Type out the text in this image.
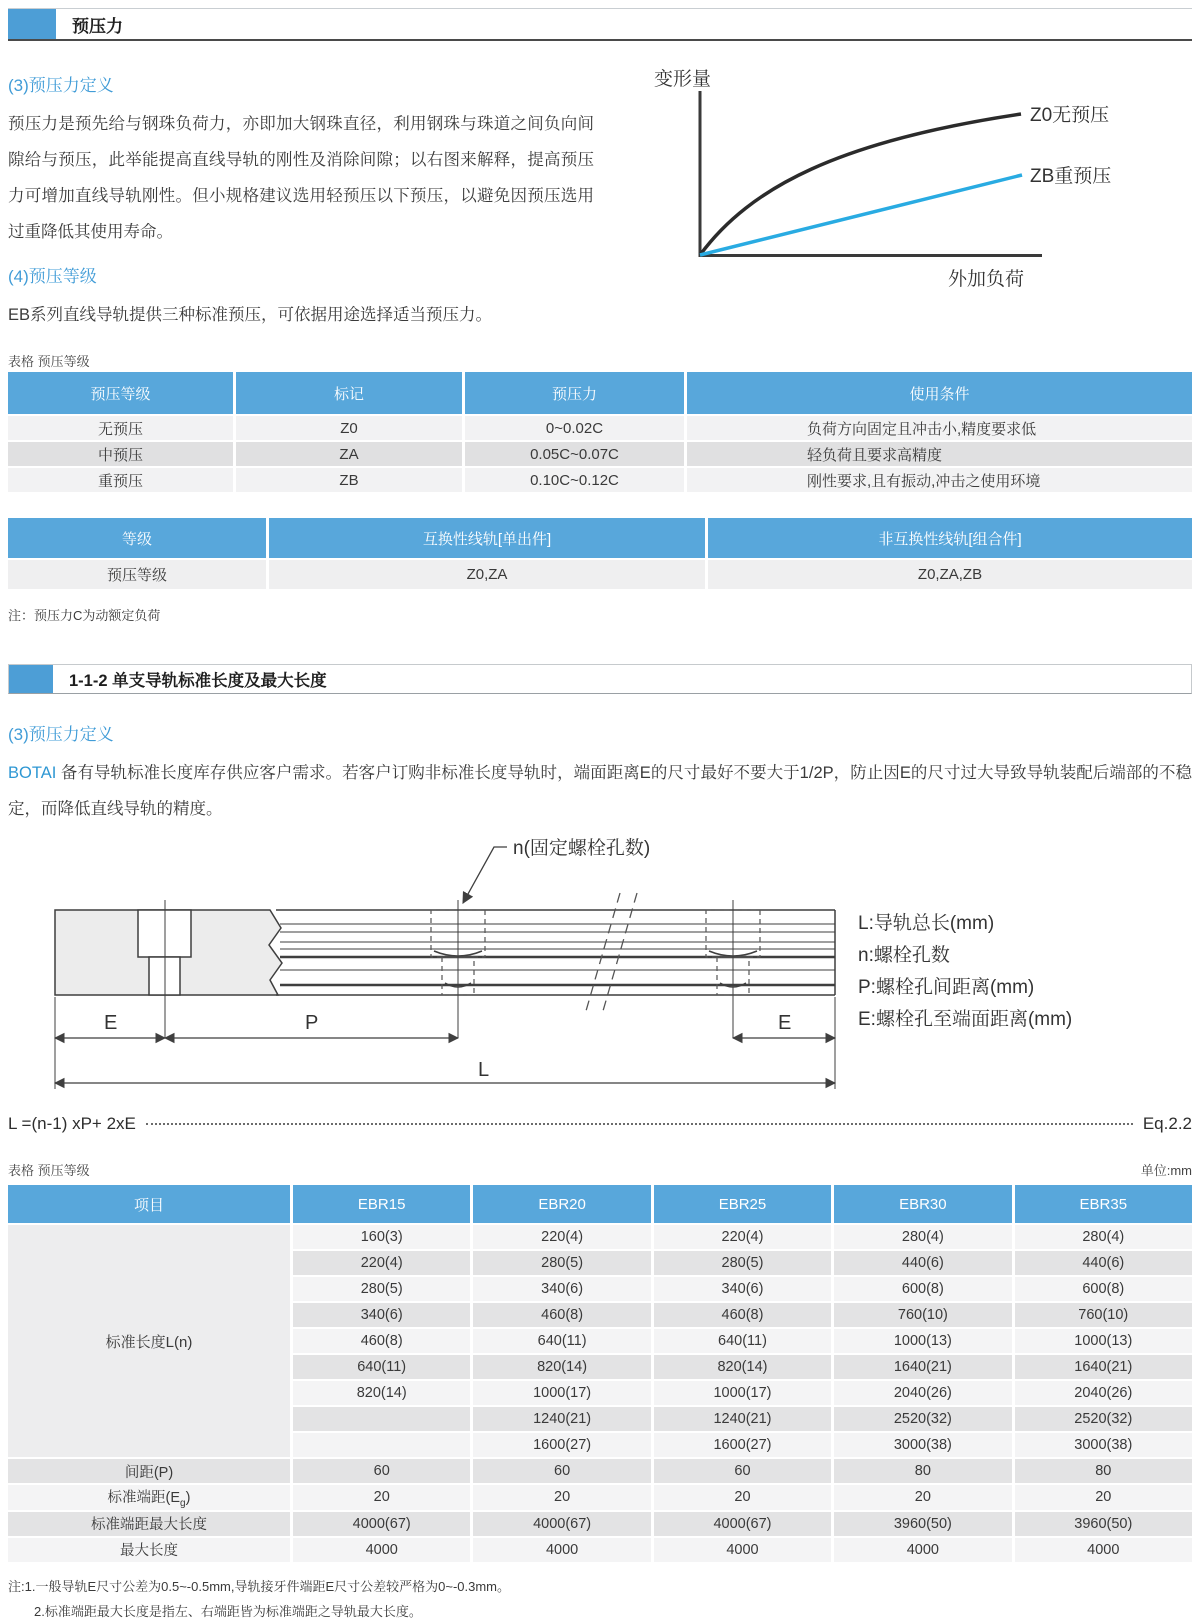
预压力
(3)预压力定义

预压力是预先给与钢珠负荷力，亦即加大钢珠直径，利用钢珠与珠道之间负向间隙给与预压，此举能提高直线导轨的刚性及消除间隙；以右图来解释，提高预压力可增加直线导轨刚性。但小规格建议选用轻预压以下预压，以避免因预压选用过重降低其使用寿命。

(4)预压等级

EB系列直线导轨提供三种标准预压，可依据用途选择适当预压力。

变形量
Z0无预压
ZB重预压
外加负荷
表格 预压等级
预压等级	标记	预压力	使用条件
无预压	Z0	0~0.02C	负荷方向固定且冲击小,精度要求低
中预压	ZA	0.05C~0.07C	轻负荷且要求高精度
重预压	ZB	0.10C~0.12C	刚性要求,且有振动,冲击之使用环境
等级	互换性线轨[单出件]	非互换性线轨[组合件]
预压等级	Z0,ZA	Z0,ZA,ZB
注：预压力C为动额定负荷
1-1-2 单支导轨标准长度及最大长度
(3)预压力定义

BOTAI 备有导轨标准长度库存供应客户需求。若客户订购非标准长度导轨时，端面距离E的尺寸最好不要大于1/2P，防止因E的尺寸过大导致导轨装配后端部的不稳定，而降低直线导轨的精度。

n(固定螺栓孔数)
E	P	E
L
L:导轨总长(mm)
n:螺栓孔数
P:螺栓孔间距离(mm)
E:螺栓孔至端面距离(mm)
L =(n-1) xP+ 2xE	Eq.2.2
表格 预压等级	单位:mm
项目	EBR15	EBR20	EBR25	EBR30	EBR35
标准长度L(n)	160(3)	220(4)	220(4)	280(4)	280(4)
	220(4)	280(5)	280(5)	440(6)	440(6)
	280(5)	340(6)	340(6)	600(8)	600(8)
	340(6)	460(8)	460(8)	760(10)	760(10)
	460(8)	640(11)	640(11)	1000(13)	1000(13)
	640(11)	820(14)	820(14)	1640(21)	1640(21)
	820(14)	1000(17)	1000(17)	2040(26)	2040(26)
		1240(21)	1240(21)	2520(32)	2520(32)
		1600(27)	1600(27)	3000(38)	3000(38)
间距(P)	60	60	60	80	80
标准端距$(E_g)$	20	20	20	20	20
标准端距最大长度	4000(67)	4000(67)	4000(67)	3960(50)	3960(50)
最大长度	4000	4000	4000	4000	4000
注:1.一般导轨E尺寸公差为0.5~-0.5mm,导轨接牙件端距E尺寸公差较严格为0~-0.3mm。
2.标准端距最大长度是指左、右端距皆为标准端距之导轨最大长度。
